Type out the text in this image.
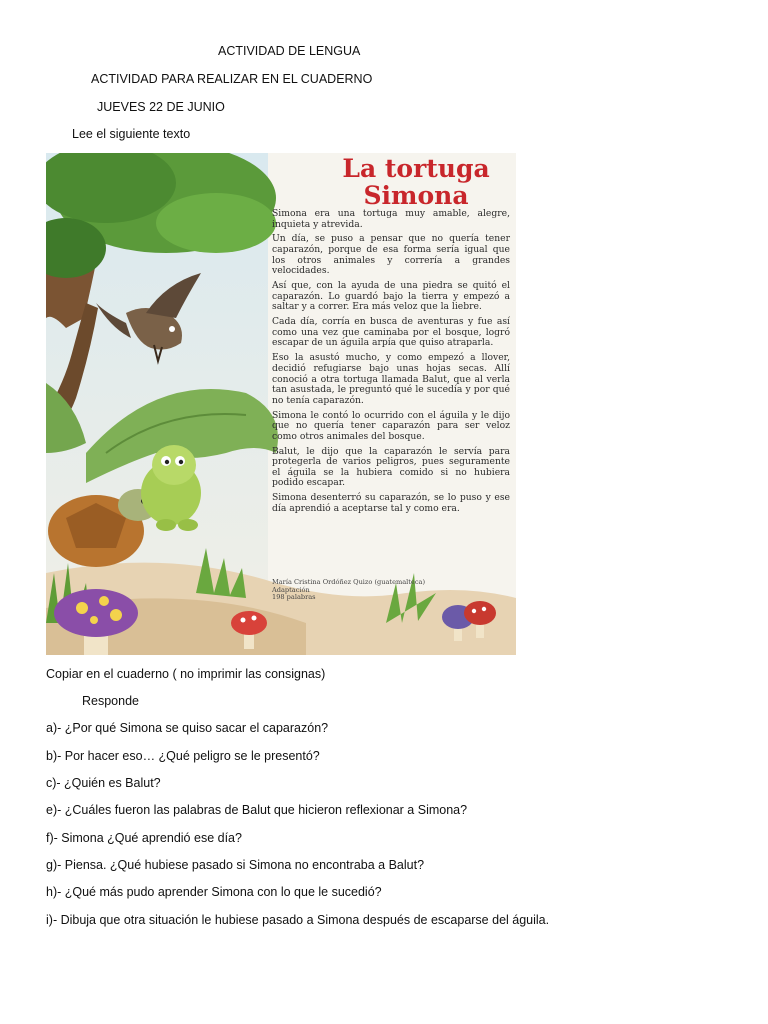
ACTIVIDAD DE LENGUA
ACTIVIDAD PARA REALIZAR EN EL CUADERNO
JUEVES 22 DE JUNIO
Lee el siguiente texto
La tortuga
Simona

Simona era una tortuga muy amable, alegre, inquieta y atrevida.

Un día, se puso a pensar que no quería tener caparazón, porque de esa forma sería igual que los otros animales y correría a grandes velocidades.

Así que, con la ayuda de una piedra se quitó el caparazón. Lo guardó bajo la tierra y empezó a saltar y a correr. Era más veloz que la liebre.

Cada día, corría en busca de aventuras y fue así como una vez que caminaba por el bosque, logró escapar de un águila arpía que quiso atraparla.

Eso la asustó mucho, y como empezó a llover, decidió refugiarse bajo unas hojas secas. Allí conoció a otra tortuga llamada Balut, que al verla tan asustada, le preguntó qué le sucedía y por qué no tenía caparazón.

Simona le contó lo ocurrido con el águila y le dijo que no quería tener caparazón para ser veloz como otros animales del bosque.

Balut, le dijo que la caparazón le servía para protegerla de varios peligros, pues seguramente el águila se la hubiera comido si no hubiera podido escapar.

Simona desenterró su caparazón, se lo puso y ese día aprendió a aceptarse tal y como era.

María Cristina Ordóñez Quizo (guatemalteca)
Adaptación
198 palabras
Copiar en el cuaderno ( no imprimir las consignas)
Responde
a)- ¿Por qué Simona se quiso sacar el caparazón?
b)- Por hacer eso… ¿Qué peligro se le presentó?
c)- ¿Quién es Balut?
e)- ¿Cuáles fueron las palabras de Balut que hicieron reflexionar a Simona?
f)- Simona ¿Qué aprendió ese día?
g)- Piensa. ¿Qué hubiese pasado si Simona no encontraba a Balut?
h)- ¿Qué más pudo aprender Simona con lo que le sucedió?
i)- Dibuja que otra situación le hubiese pasado a Simona después de escaparse del águila.
